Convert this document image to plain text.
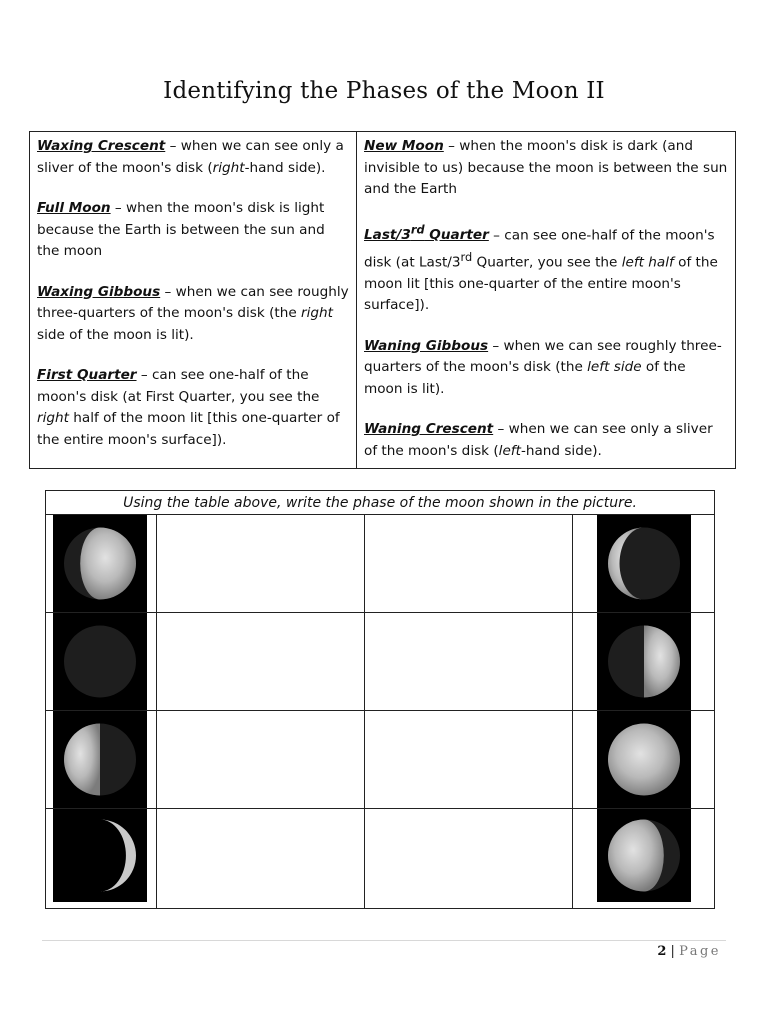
Identifying the Phases of the Moon II

Waxing Crescent – when we can see only a sliver of the moon's disk (right-hand side).

Full Moon – when the moon's disk is light because the Earth is between the sun and the moon

Waxing Gibbous – when we can see roughly three-quarters of the moon's disk (the right side of the moon is lit).

First Quarter – can see one-half of the moon's disk (at First Quarter, you see the right half of the moon lit [this one-quarter of the entire moon's surface]).

New Moon – when the moon's disk is dark (and invisible to us) because the moon is between the sun and the Earth

Last/3rd Quarter – can see one-half of the moon's disk (at Last/3rd Quarter, you see the left half of the moon lit [this one-quarter of the entire moon's surface]).

Waning Gibbous – when we can see roughly three-quarters of the moon's disk (the left side of the moon is lit).

Waning Crescent – when we can see only a sliver of the moon's disk (left-hand side).

Using the table above, write the phase of the moon shown in the picture.
2 | Page
